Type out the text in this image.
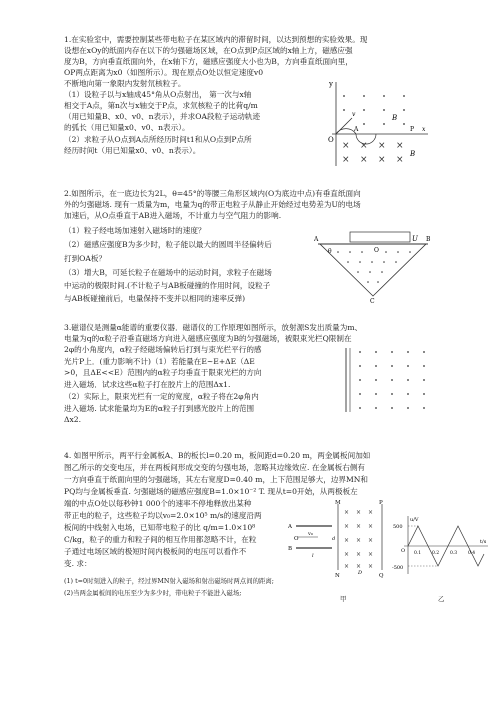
1.在实验室中，需要控制某些带电粒子在某区域内的滞留时间，以达到预想的实验效果。现

设想在xOy的纸面内存在以下的匀强磁场区域，在O点到P点区域的x轴上方，磁感应强

度为B，方向垂直纸面向外，在x轴下方，磁感应强度大小也为B，方向垂直纸面向里，

OP两点距离为x0（如图所示）。现在原点O处以恒定速度v0

不断地向第一象限内发射氘核粒子。

（1）设粒子以与x轴成45°角从O点射出， 第一次与x轴

相交于A点，第n次与x轴交于P点，求氘核粒子的比荷q/m

（用已知量B、x0、v0、n表示），并求OA段粒子运动轨迹

的弧长（用已知量x0、v0、n表示）。

（2）求粒子从O点到A点所经历时间t1和从O点到P点所

经历时间t（用已知量x0、v0、n表示）。

y
v	B
O
A	x
P
× × × ×
× × × ×
B

2.如图所示，在一底边长为2L，θ=45°的等腰三角形区域内(O为底边中点)有垂直纸面向

外的匀强磁场. 现有一质量为m，电量为q的带正电粒子从静止开始经过电势差为U的电场

加速后，从O点垂直于AB进入磁场，不计重力与空气阻力的影响.

（1）粒子经电场加速射入磁场时的速度？

（2）磁感应强度B为多少时，粒子能以最大的圆周半径偏转后

打到OA板？

（3）增大B，可延长粒子在磁场中的运动时间，求粒子在磁场

中运动的极限时间.(不计粒子与AB板碰撞的作用时间，设粒子

与AB板碰撞前后，电量保持不变并以相同的速率反弹)

U
A
O
B
θ
C

3.磁谱仪是测量α能谱的重要仪器．磁谱仪的工作原理如图所示，放射源S发出质量为m、

电量为q的α粒子沿垂直磁场方向进入磁感应强度为B的匀强磁场，被限束光栏Q限制在

2φ的小角度内，α粒子经磁场偏转后打到与束光栏平行的感

光片P上．(重力影响不计)（1）若能量在E~E+ΔE（ΔE

>0，且ΔE<<E）范围内的α粒子均垂直于限束光栏的方向

进入磁场．试求这些α粒子打在胶片上的范围Δx1.

（2）实际上，限束光栏有一定的宽度，α粒子将在2φ角内

进入磁场. 试求能量均为E的α粒子打到感光胶片上的范围

Δx2.

4. 如图甲所示，两平行金属板A、B的板长l=0.20 m，板间距d=0.20 m，两金属板间加如

图乙所示的交变电压，并在两板间形成交变的匀强电场，忽略其边缘效应. 在金属板右侧有

一方向垂直于纸面向里的匀强磁场，其左右宽度D=0.40 m，上下范围足够大，边界MN和

PQ均与金属板垂直. 匀强磁场的磁感应强度B=1.0×10⁻² T. 现从t=0开始，从两极板左

端的中点O处以每秒钟1 000个的速率不停地释放出某种

带正电的粒子，这些粒子均以v₀=2.0×10⁵ m/s的速度沿两

板间的中线射入电场，已知带电粒子的比 q/m=1.0×10⁸

C/kg，粒子的重力和粒子间的相互作用都忽略不计，在粒

子通过电场区域的极短时间内极板间的电压可以看作不

变. 求：

(1) t=0时刻进入的粒子，经过界MN射入磁场和射出磁场时两点间的距离;

(2)当两金属板间的电压至少为多少时，带电粒子不能进入磁场;

M
N
P
Q
A
B
O
v₀
l
d
D
× × ×
× × ×
× × ×
× × ×
× × ×

甲

u/V
500
O
-500
0.1 0.2 0.3 0.4
t/s

乙
